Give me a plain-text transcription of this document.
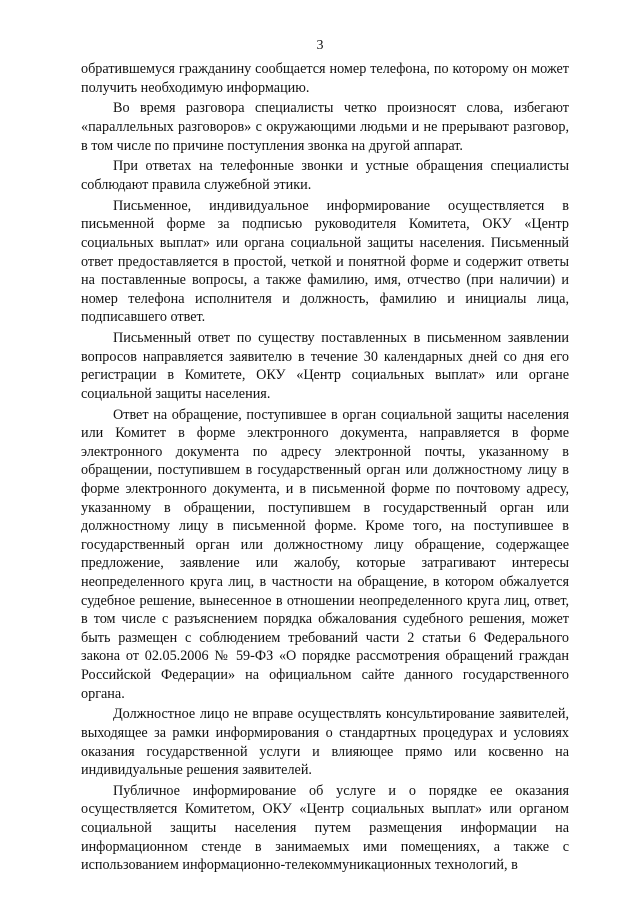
3

обратившемуся гражданину сообщается номер телефона, по которому он может получить необходимую информацию.

Во время разговора специалисты четко произносят слова, избегают «параллельных разговоров» с окружающими людьми и не прерывают разговор, в том числе по причине поступления звонка на другой аппарат.

При ответах на телефонные звонки и устные обращения специалисты соблюдают правила служебной этики.

Письменное, индивидуальное информирование осуществляется в письменной форме за подписью руководителя Комитета, ОКУ «Центр социальных выплат» или органа социальной защиты населения. Письменный ответ предоставляется в простой, четкой и понятной форме и содержит ответы на поставленные вопросы, а также фамилию, имя, отчество (при наличии) и номер телефона исполнителя и должность, фамилию и инициалы лица, подписавшего ответ.

Письменный ответ по существу поставленных в письменном заявлении вопросов направляется заявителю в течение 30 календарных дней со дня его регистрации в Комитете, ОКУ «Центр социальных выплат» или органе социальной защиты населения.

Ответ на обращение, поступившее в орган социальной защиты населения или Комитет в форме электронного документа, направляется в форме электронного документа по адресу электронной почты, указанному в обращении, поступившем в государственный орган или должностному лицу в форме электронного документа, и в письменной форме по почтовому адресу, указанному в обращении, поступившем в государственный орган или должностному лицу в письменной форме. Кроме того, на поступившее в государственный орган или должностному лицу обращение, содержащее предложение, заявление или жалобу, которые затрагивают интересы неопределенного круга лиц, в частности на обращение, в котором обжалуется судебное решение, вынесенное в отношении неопределенного круга лиц, ответ, в том числе с разъяснением порядка обжалования судебного решения, может быть размещен с соблюдением требований части 2 статьи 6 Федерального закона от 02.05.2006 № 59-ФЗ «О порядке рассмотрения обращений граждан Российской Федерации» на официальном сайте данного государственного органа.

Должностное лицо не вправе осуществлять консультирование заявителей, выходящее за рамки информирования о стандартных процедурах и условиях оказания государственной услуги и влияющее прямо или косвенно на индивидуальные решения заявителей.

Публичное информирование об услуге и о порядке ее оказания осуществляется Комитетом, ОКУ «Центр социальных выплат» или органом социальной защиты населения путем размещения информации на информационном стенде в занимаемых ими помещениях, а также с использованием информационно-телекоммуникационных технологий, в
